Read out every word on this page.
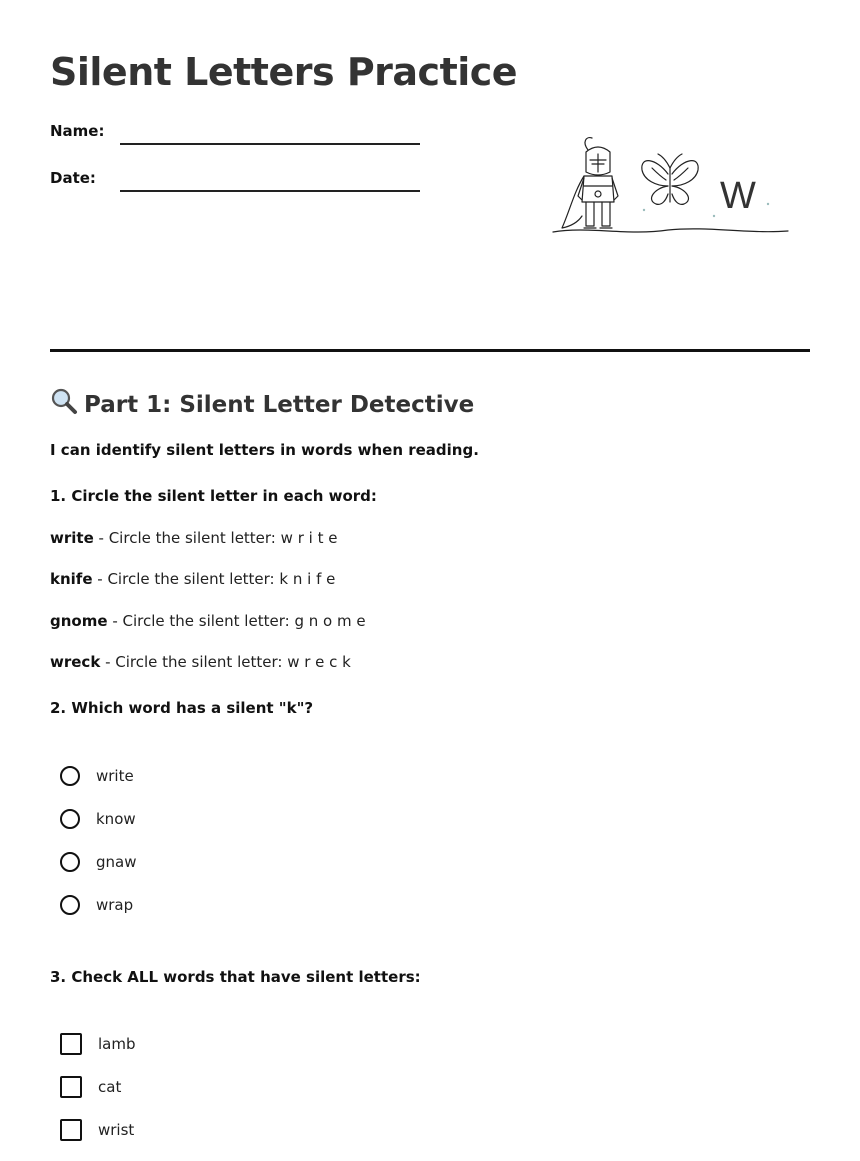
Silent Letters Practice
Name:
Date:	W
Part 1: Silent Letter Detective
I can identify silent letters in words when reading.
1. Circle the silent letter in each word:
write - Circle the silent letter: w r i t e
knife - Circle the silent letter: k n i f e
gnome - Circle the silent letter: g n o m e
wreck - Circle the silent letter: w r e c k
2. Which word has a silent "k"?
write
know
gnaw
wrap
3. Check ALL words that have silent letters:
lamb
cat
wrist
